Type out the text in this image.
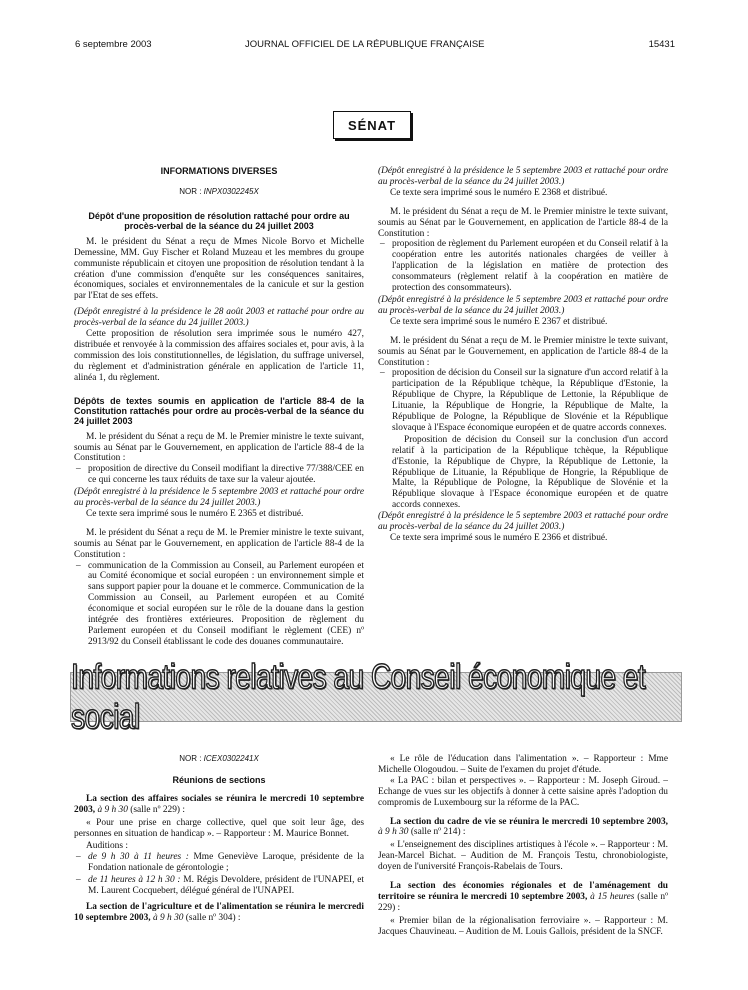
6 septembre 2003	JOURNAL OFFICIEL DE LA RÉPUBLIQUE FRANÇAISE	15431
SÉNAT
INFORMATIONS DIVERSES
NOR : INPX0302245X
Dépôt d'une proposition de résolution rattaché pour ordre au procès-verbal de la séance du 24 juillet 2003

M. le président du Sénat a reçu de Mmes Nicole Borvo et Michelle Demessine, MM. Guy Fischer et Roland Muzeau et les membres du groupe communiste républicain et citoyen une proposition de résolution tendant à la création d'une commission d'enquête sur les conséquences sanitaires, économiques, sociales et environnementales de la canicule et sur la gestion par l'Etat de ses effets.

(Dépôt enregistré à la présidence le 28 août 2003 et rattaché pour ordre au procès-verbal de la séance du 24 juillet 2003.)

Cette proposition de résolution sera imprimée sous le numéro 427, distribuée et renvoyée à la commission des affaires sociales et, pour avis, à la commission des lois constitutionnelles, de législation, du suffrage universel, du règlement et d'administration générale en application de l'article 11, alinéa 1, du règlement.

Dépôts de textes soumis en application de l'article 88-4 de la Constitution rattachés pour ordre au procès-verbal de la séance du 24 juillet 2003

M. le président du Sénat a reçu de M. le Premier ministre le texte suivant, soumis au Sénat par le Gouvernement, en application de l'article 88-4 de la Constitution :

– proposition de directive du Conseil modifiant la directive 77/388/CEE en ce qui concerne les taux réduits de taxe sur la valeur ajoutée.

(Dépôt enregistré à la présidence le 5 septembre 2003 et rattaché pour ordre au procès-verbal de la séance du 24 juillet 2003.)

Ce texte sera imprimé sous le numéro E 2365 et distribué.

M. le président du Sénat a reçu de M. le Premier ministre le texte suivant, soumis au Sénat par le Gouvernement, en application de l'article 88-4 de la Constitution :

– communication de la Commission au Conseil, au Parlement européen et au Comité économique et social européen : un environnement simple et sans support papier pour la douane et le commerce. Communication de la Commission au Conseil, au Parlement européen et au Comité économique et social européen sur le rôle de la douane dans la gestion intégrée des frontières extérieures. Proposition de règlement du Parlement européen et du Conseil modifiant le règlement (CEE) nº 2913/92 du Conseil établissant le code des douanes communautaire.

(Dépôt enregistré à la présidence le 5 septembre 2003 et rattaché pour ordre au procès-verbal de la séance du 24 juillet 2003.)

Ce texte sera imprimé sous le numéro E 2368 et distribué.

M. le président du Sénat a reçu de M. le Premier ministre le texte suivant, soumis au Sénat par le Gouvernement, en application de l'article 88-4 de la Constitution :

– proposition de règlement du Parlement européen et du Conseil relatif à la coopération entre les autorités nationales chargées de veiller à l'application de la législation en matière de protection des consommateurs (règlement relatif à la coopération en matière de protection des consommateurs).

(Dépôt enregistré à la présidence le 5 septembre 2003 et rattaché pour ordre au procès-verbal de la séance du 24 juillet 2003.)

Ce texte sera imprimé sous le numéro E 2367 et distribué.

M. le président du Sénat a reçu de M. le Premier ministre le texte suivant, soumis au Sénat par le Gouvernement, en application de l'article 88-4 de la Constitution :

– proposition de décision du Conseil sur la signature d'un accord relatif à la participation de la République tchèque, la République d'Estonie, la République de Chypre, la République de Lettonie, la République de Lituanie, la République de Hongrie, la République de Malte, la République de Pologne, la République de Slovénie et la République slovaque à l'Espace économique européen et de quatre accords connexes.

Proposition de décision du Conseil sur la conclusion d'un accord relatif à la participation de la République tchèque, la République d'Estonie, la République de Chypre, la République de Lettonie, la République de Lituanie, la République de Hongrie, la République de Malte, la République de Pologne, la République de Slovénie et la République slovaque à l'Espace économique européen et de quatre accords connexes.

(Dépôt enregistré à la présidence le 5 septembre 2003 et rattaché pour ordre au procès-verbal de la séance du 24 juillet 2003.)

Ce texte sera imprimé sous le numéro E 2366 et distribué.

Informations relatives au Conseil économique et social
NOR : ICEX0302241X
Réunions de sections

La section des affaires sociales se réunira le mercredi 10 septembre 2003, à 9 h 30 (salle nº 229) :

« Pour une prise en charge collective, quel que soit leur âge, des personnes en situation de handicap ». – Rapporteur : M. Maurice Bonnet.

Auditions :

– de 9 h 30 à 11 heures : Mme Geneviève Laroque, présidente de la Fondation nationale de gérontologie ;
– de 11 heures à 12 h 30 : M. Régis Devoldere, président de l'UNAPEI, et M. Laurent Cocquebert, délégué général de l'UNAPEI.

La section de l'agriculture et de l'alimentation se réunira le mercredi 10 septembre 2003, à 9 h 30 (salle nº 304) :

« Le rôle de l'éducation dans l'alimentation ». – Rapporteur : Mme Michelle Ologoudou. – Suite de l'examen du projet d'étude.

« La PAC : bilan et perspectives ». – Rapporteur : M. Joseph Giroud. – Echange de vues sur les objectifs à donner à cette saisine après l'adoption du compromis de Luxembourg sur la réforme de la PAC.

La section du cadre de vie se réunira le mercredi 10 septembre 2003, à 9 h 30 (salle nº 214) :

« L'enseignement des disciplines artistiques à l'école ». – Rapporteur : M. Jean-Marcel Bichat. – Audition de M. François Testu, chronobiologiste, doyen de l'université François-Rabelais de Tours.

La section des économies régionales et de l'aménagement du territoire se réunira le mercredi 10 septembre 2003, à 15 heures (salle nº 229) :

« Premier bilan de la régionalisation ferroviaire ». – Rapporteur : M. Jacques Chauvineau. – Audition de M. Louis Gallois, président de la SNCF.
